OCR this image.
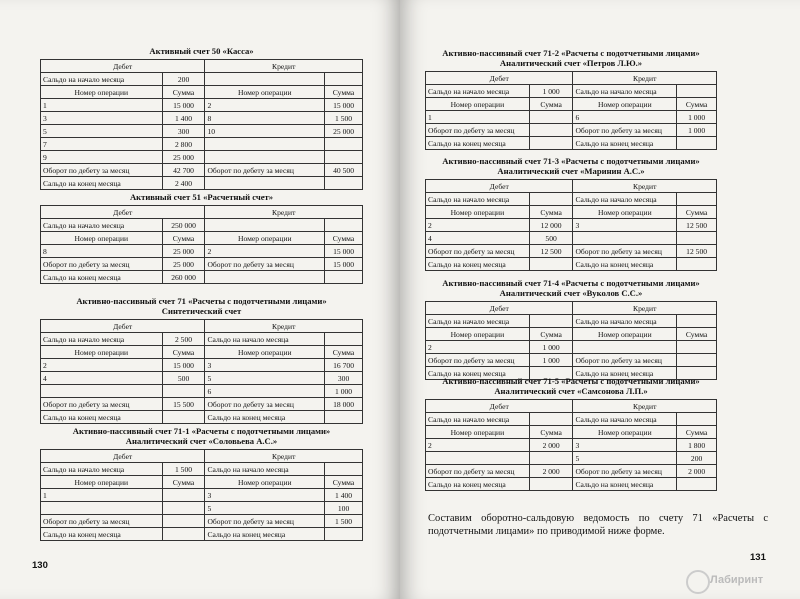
Активный счет 50 «Касса»
Дебет		Кредит	
Сальдо на начало месяца	200		
Номер операции	Сумма	Номер операции	Сумма
1	15 000	2	15 000
3	1 400	8	1 500
5	300	10	25 000
7	2 800		
9	25 000		
Оборот по дебету за месяц	42 700	Оборот по дебету за месяц	40 500
Сальдо на конец месяца	2 400		
Активный счет 51 «Расчетный счет»
Дебет		Кредит	
Сальдо на начало месяца	250 000		
Номер операции	Сумма	Номер операции	Сумма
8	25 000	2	15 000
Оборот по дебету за месяц	25 000	Оборот по дебету за месяц	15 000
Сальдо на конец месяца	260 000		
Активно-пассивный счет 71 «Расчеты с подотчетными лицами»
Синтетический счет
Дебет		Кредит	
Сальдо на начало месяца	2 500	Сальдо на начало месяца	
Номер операции	Сумма	Номер операции	Сумма
2	15 000	3	16 700
4	500	5	300
		6	1 000
Оборот по дебету за месяц	15 500	Оборот по дебету за месяц	18 000
Сальдо на конец месяца		Сальдо на конец месяца	
Активно-пассивный счет 71-1 «Расчеты с подотчетными лицами»
Аналитический счет «Соловьева А.С.»
Дебет		Кредит	
Сальдо на начало месяца	1 500	Сальдо на начало месяца	
Номер операции	Сумма	Номер операции	Сумма
1		3	1 400
		5	100
Оборот по дебету за месяц		Оборот по дебету за месяц	1 500
Сальдо на конец месяца		Сальдо на конец месяца	
130
Активно-пассивный счет 71-2 «Расчеты с подотчетными лицами»
Аналитический счет «Петров Л.Ю.»
Дебет		Кредит	
Сальдо на начало месяца	1 000	Сальдо на начало месяца	
Номер операции	Сумма	Номер операции	Сумма
1		6	1 000
Оборот по дебету за месяц		Оборот по дебету за месяц	1 000
Сальдо на конец месяца		Сальдо на конец месяца	
Активно-пассивный счет 71-3 «Расчеты с подотчетными лицами»
Аналитический счет «Маринин А.С.»
Дебет		Кредит	
Сальдо на начало месяца		Сальдо на начало месяца	
Номер операции	Сумма	Номер операции	Сумма
2	12 000	3	12 500
4	500		
Оборот по дебету за месяц	12 500	Оборот по дебету за месяц	12 500
Сальдо на конец месяца		Сальдо на конец месяца	
Активно-пассивный счет 71-4 «Расчеты с подотчетными лицами»
Аналитический счет «Вуколов С.С.»
Дебет		Кредит	
Сальдо на начало месяца		Сальдо на начало месяца	
Номер операции	Сумма	Номер операции	Сумма
2	1 000		
Оборот по дебету за месяц	1 000	Оборот по дебету за месяц	
Сальдо на конец месяца		Сальдо на конец месяца	
Активно-пассивный счет 71-5 «Расчеты с подотчетными лицами»
Аналитический счет «Самсонова Л.П.»
Дебет		Кредит	
Сальдо на начало месяца		Сальдо на начало месяца	
Номер операции	Сумма	Номер операции	Сумма
2	2 000	3	1 800
		5	200
Оборот по дебету за месяц	2 000	Оборот по дебету за месяц	2 000
Сальдо на конец месяца		Сальдо на конец месяца	
Составим оборотно-сальдовую ведомость по счету 71 «Расчеты с подотчетными лицами» по приводимой ниже форме.
131
Лабиринт
